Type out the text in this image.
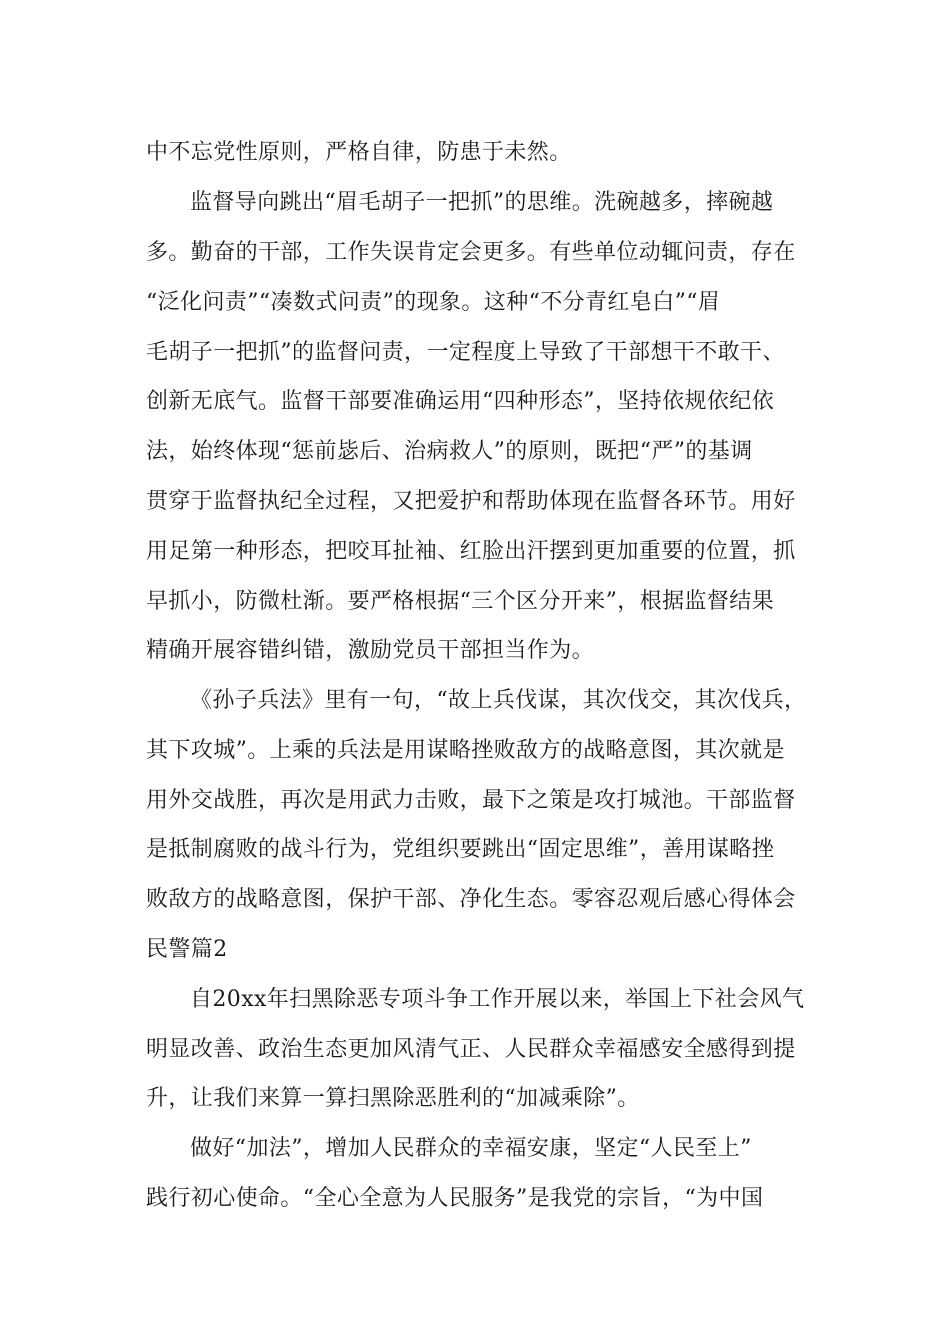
中不忘党性原则，严格自律，防患于未然。
监督导向跳出“眉毛胡子一把抓”的思维。洗碗越多，摔碗越
多。勤奋的干部，工作失误肯定会更多。有些单位动辄问责，存在
“泛化问责”“凑数式问责”的现象。这种“不分青红皂白”“眉
毛胡子一把抓”的监督问责，一定程度上导致了干部想干不敢干、
创新无底气。监督干部要准确运用“四种形态”，坚持依规依纪依
法，始终体现“惩前毖后、治病救人”的原则，既把“严”的基调
贯穿于监督执纪全过程，又把爱护和帮助体现在监督各环节。用好
用足第一种形态，把咬耳扯袖、红脸出汗摆到更加重要的位置，抓
早抓小，防微杜渐。要严格根据“三个区分开来”，根据监督结果
精确开展容错纠错，激励党员干部担当作为。
《孙子兵法》里有一句，“故上兵伐谋，其次伐交，其次伐兵，
其下攻城”。上乘的兵法是用谋略挫败敌方的战略意图，其次就是
用外交战胜，再次是用武力击败，最下之策是攻打城池。干部监督
是抵制腐败的战斗行为，党组织要跳出“固定思维”，善用谋略挫
败敌方的战略意图，保护干部、净化生态。零容忍观后感心得体会
民警篇2
自20xx年扫黑除恶专项斗争工作开展以来，举国上下社会风气
明显改善、政治生态更加风清气正、人民群众幸福感安全感得到提
升，让我们来算一算扫黑除恶胜利的“加减乘除”。
做好“加法”，增加人民群众的幸福安康，坚定“人民至上”
践行初心使命。“全心全意为人民服务”是我党的宗旨，“为中国
